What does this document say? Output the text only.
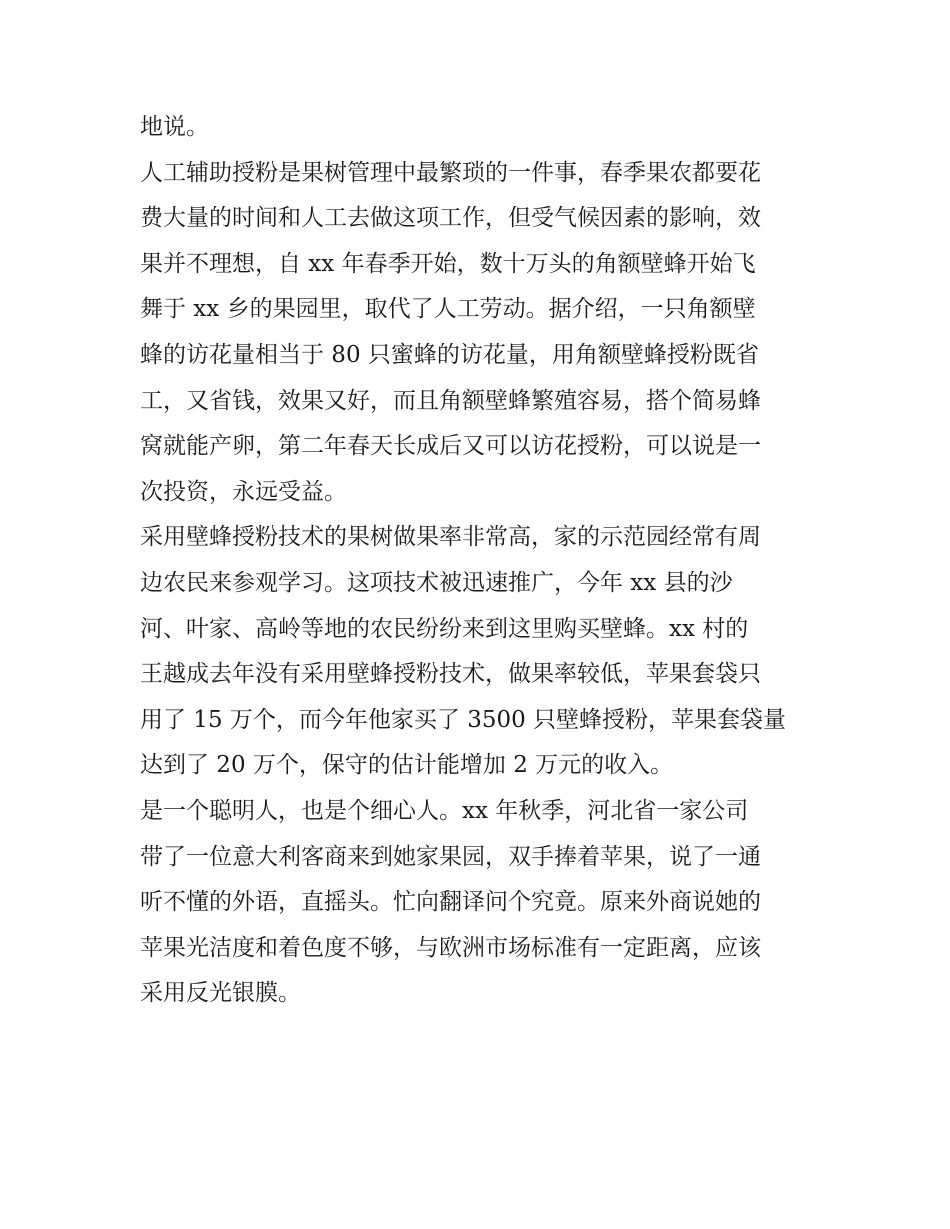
地说。
人工辅助授粉是果树管理中最繁琐的一件事，春季果农都要花
费大量的时间和人工去做这项工作，但受气候因素的影响，效
果并不理想，自 xx 年春季开始，数十万头的角额壁蜂开始飞
舞于 xx 乡的果园里，取代了人工劳动。据介绍，一只角额壁
蜂的访花量相当于 80 只蜜蜂的访花量，用角额壁蜂授粉既省
工，又省钱，效果又好，而且角额壁蜂繁殖容易，搭个简易蜂
窝就能产卵，第二年春天长成后又可以访花授粉，可以说是一
次投资，永远受益。
采用壁蜂授粉技术的果树做果率非常高，家的示范园经常有周
边农民来参观学习。这项技术被迅速推广，今年 xx 县的沙
河、叶家、高岭等地的农民纷纷来到这里购买壁蜂。xx 村的
王越成去年没有采用壁蜂授粉技术，做果率较低，苹果套袋只
用了 15 万个，而今年他家买了 3500 只壁蜂授粉，苹果套袋量
达到了 20 万个，保守的估计能增加 2 万元的收入。
是一个聪明人，也是个细心人。xx 年秋季，河北省一家公司
带了一位意大利客商来到她家果园，双手捧着苹果，说了一通
听不懂的外语，直摇头。忙向翻译问个究竟。原来外商说她的
苹果光洁度和着色度不够，与欧洲市场标准有一定距离，应该
采用反光银膜。
